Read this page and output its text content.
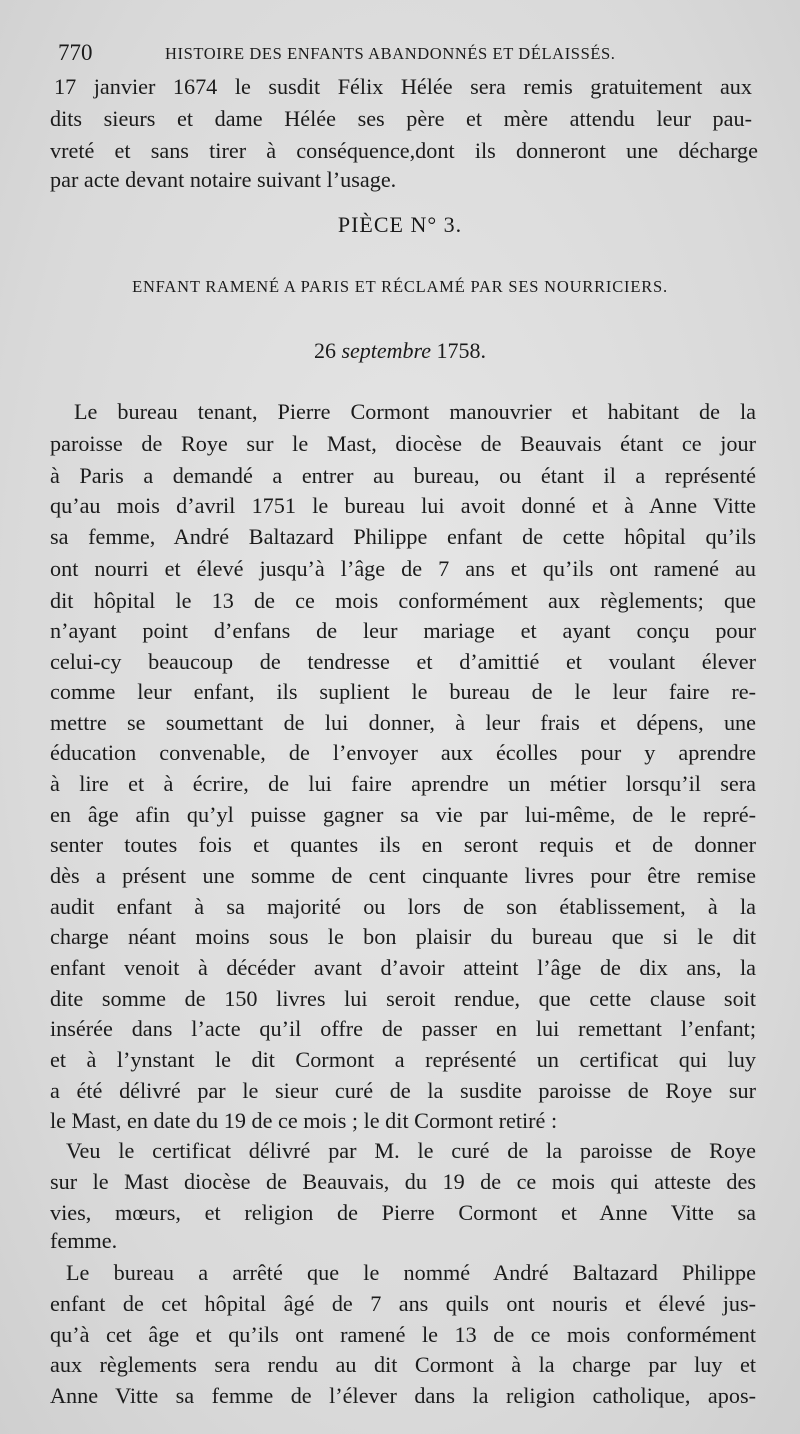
770	HISTOIRE DES ENFANTS ABANDONNÉS ET DÉLAISSÉS.
17 janvier 1674 le susdit Félix Hélée sera remis gratuitement aux
dits sieurs et dame Hélée ses père et mère attendu leur pau-
vreté et sans tirer à conséquence,dont ils donneront une décharge
par acte devant notaire suivant l’usage.
PIÈCE N° 3.
ENFANT RAMENÉ A PARIS ET RÉCLAMÉ PAR SES NOURRICIERS.
26 septembre 1758.
Le bureau tenant, Pierre Cormont manouvrier et habitant de la
paroisse de Roye sur le Mast, diocèse de Beauvais étant ce jour
à Paris a demandé a entrer au bureau, ou étant il a représenté
qu’au mois d’avril 1751 le bureau lui avoit donné et à Anne Vitte
sa femme, André Baltazard Philippe enfant de cette hôpital qu’ils
ont nourri et élevé jusqu’à l’âge de 7 ans et qu’ils ont ramené au
dit hôpital le 13 de ce mois conformément aux règlements; que
n’ayant point d’enfans de leur mariage et ayant conçu pour
celui-cy beaucoup de tendresse et d’amittié et voulant élever
comme leur enfant, ils suplient le bureau de le leur faire re-
mettre se soumettant de lui donner, à leur frais et dépens, une
éducation convenable, de l’envoyer aux écolles pour y aprendre
à lire et à écrire, de lui faire aprendre un métier lorsqu’il sera
en âge afin qu’yl puisse gagner sa vie par lui-même, de le repré-
senter toutes fois et quantes ils en seront requis et de donner
dès a présent une somme de cent cinquante livres pour être remise
audit enfant à sa majorité ou lors de son établissement, à la
charge néant moins sous le bon plaisir du bureau que si le dit
enfant venoit à décéder avant d’avoir atteint l’âge de dix ans, la
dite somme de 150 livres lui seroit rendue, que cette clause soit
insérée dans l’acte qu’il offre de passer en lui remettant l’enfant;
et à l’ynstant le dit Cormont a représenté un certificat qui luy
a été délivré par le sieur curé de la susdite paroisse de Roye sur
le Mast, en date du 19 de ce mois ; le dit Cormont retiré :
Veu le certificat délivré par M. le curé de la paroisse de Roye
sur le Mast diocèse de Beauvais, du 19 de ce mois qui atteste des
vies, mœurs, et religion de Pierre Cormont et Anne Vitte sa
femme.
Le bureau a arrêté que le nommé André Baltazard Philippe
enfant de cet hôpital âgé de 7 ans quils ont nouris et élevé jus-
qu’à cet âge et qu’ils ont ramené le 13 de ce mois conformément
aux règlements sera rendu au dit Cormont à la charge par luy et
Anne Vitte sa femme de l’élever dans la religion catholique, apos-
